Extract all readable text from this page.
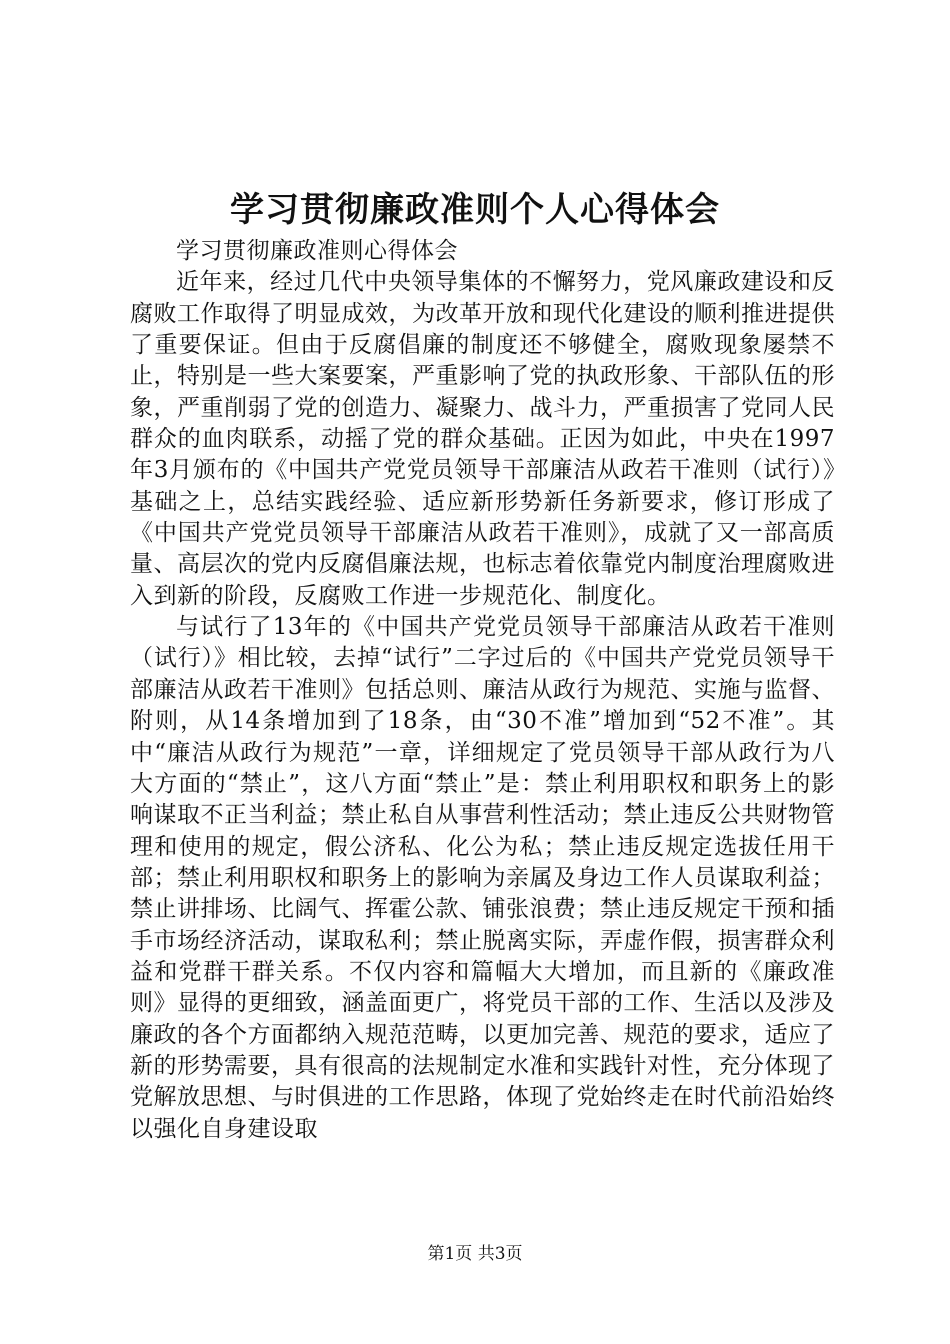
学习贯彻廉政准则个人心得体会

学习贯彻廉政准则心得体会

近年来，经过几代中央领导集体的不懈努力，党风廉政建设和反腐败工作取得了明显成效，为改革开放和现代化建设的顺利推进提供了重要保证。但由于反腐倡廉的制度还不够健全，腐败现象屡禁不止，特别是一些大案要案，严重影响了党的执政形象、干部队伍的形象，严重削弱了党的创造力、凝聚力、战斗力，严重损害了党同人民群众的血肉联系，动摇了党的群众基础。正因为如此，中央在1997年3月颁布的《中国共产党党员领导干部廉洁从政若干准则（试行）》基础之上，总结实践经验、适应新形势新任务新要求，修订形成了《中国共产党党员领导干部廉洁从政若干准则》，成就了又一部高质量、高层次的党内反腐倡廉法规，也标志着依靠党内制度治理腐败进入到新的阶段，反腐败工作进一步规范化、制度化。

与试行了13年的《中国共产党党员领导干部廉洁从政若干准则（试行）》相比较，去掉“试行”二字过后的《中国共产党党员领导干部廉洁从政若干准则》包括总则、廉洁从政行为规范、实施与监督、附则，从14条增加到了18条，由“30不准”增加到“52不准”。其中“廉洁从政行为规范”一章，详细规定了党员领导干部从政行为八大方面的“禁止”，这八方面“禁止”是：禁止利用职权和职务上的影响谋取不正当利益；禁止私自从事营利性活动；禁止违反公共财物管理和使用的规定，假公济私、化公为私；禁止违反规定选拔任用干部；禁止利用职权和职务上的影响为亲属及身边工作人员谋取利益；禁止讲排场、比阔气、挥霍公款、铺张浪费；禁止违反规定干预和插手市场经济活动，谋取私利；禁止脱离实际，弄虚作假，损害群众利益和党群干群关系。不仅内容和篇幅大大增加，而且新的《廉政准则》显得的更细致，涵盖面更广，将党员干部的工作、生活以及涉及廉政的各个方面都纳入规范范畴，以更加完善、规范的要求，适应了新的形势需要，具有很高的法规制定水准和实践针对性，充分体现了党解放思想、与时俱进的工作思路，体现了党始终走在时代前沿始终以强化自身建设取

第1页 共3页
